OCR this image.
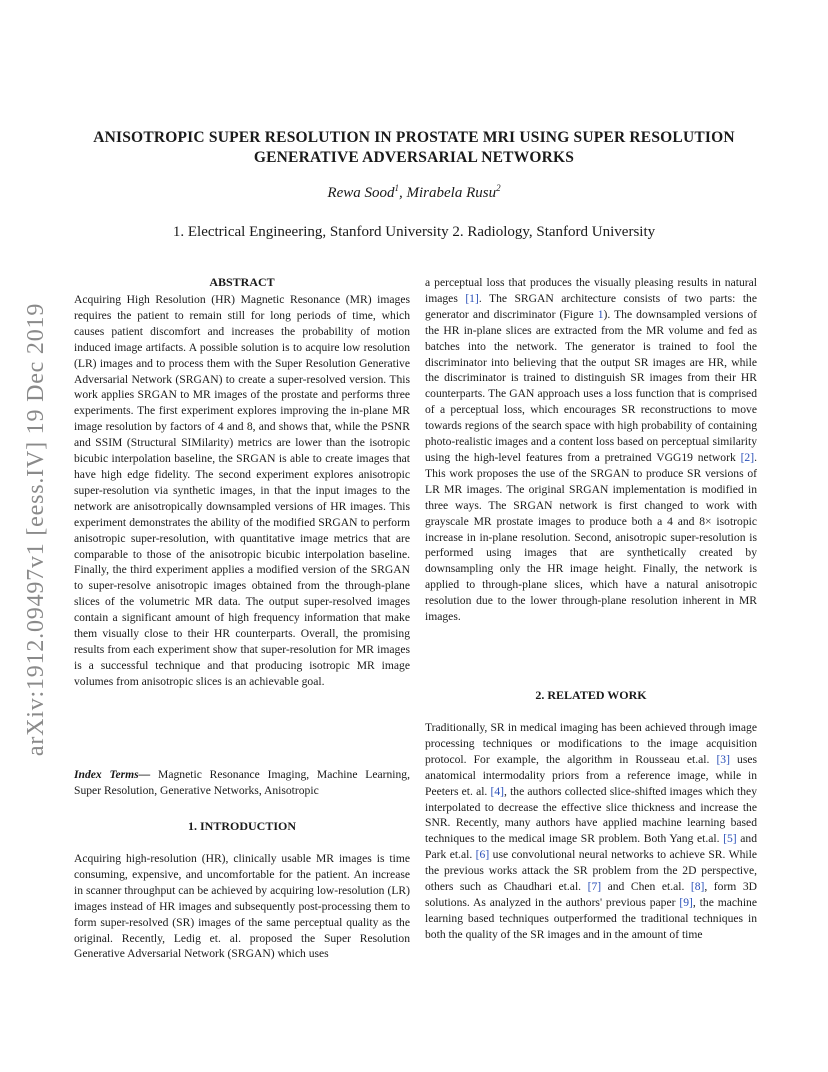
arXiv:1912.09497v1 [eess.IV] 19 Dec 2019
ANISOTROPIC SUPER RESOLUTION IN PROSTATE MRI USING SUPER RESOLUTION
GENERATIVE ADVERSARIAL NETWORKS
Rewa Sood$^1$, Mirabela Rusu$^2$
1. Electrical Engineering, Stanford University 2. Radiology, Stanford University
ABSTRACT
Acquiring High Resolution (HR) Magnetic Resonance (MR) images requires the patient to remain still for long periods of time, which causes patient discomfort and increases the probability of motion induced image artifacts. A possible solution is to acquire low resolution (LR) images and to process them with the Super Resolution Generative Adversarial Network (SRGAN) to create a super-resolved version. This work applies SRGAN to MR images of the prostate and performs three experiments. The first experiment explores improving the in-plane MR image resolution by factors of 4 and 8, and shows that, while the PSNR and SSIM (Structural SIMilarity) metrics are lower than the isotropic bicubic interpolation baseline, the SRGAN is able to create images that have high edge fidelity. The second experiment explores anisotropic super-resolution via synthetic images, in that the input images to the network are anisotropically downsampled versions of HR images. This experiment demonstrates the ability of the modified SRGAN to perform anisotropic super-resolution, with quantitative image metrics that are comparable to those of the anisotropic bicubic interpolation baseline. Finally, the third experiment applies a modified version of the SRGAN to super-resolve anisotropic images obtained from the through-plane slices of the volumetric MR data. The output super-resolved images contain a significant amount of high frequency information that make them visually close to their HR counterparts. Overall, the promising results from each experiment show that super-resolution for MR images is a successful technique and that producing isotropic MR image volumes from anisotropic slices is an achievable goal.
Index Terms— Magnetic Resonance Imaging, Machine Learning, Super Resolution, Generative Networks, Anisotropic
1. INTRODUCTION
Acquiring high-resolution (HR), clinically usable MR images is time consuming, expensive, and uncomfortable for the patient. An increase in scanner throughput can be achieved by acquiring low-resolution (LR) images instead of HR images and subsequently post-processing them to form super-resolved (SR) images of the same perceptual quality as the original. Recently, Ledig et. al. proposed the Super Resolution Generative Adversarial Network (SRGAN) which uses
a perceptual loss that produces the visually pleasing results in natural images [1]. The SRGAN architecture consists of two parts: the generator and discriminator (Figure 1). The downsampled versions of the HR in-plane slices are extracted from the MR volume and fed as batches into the network. The generator is trained to fool the discriminator into believing that the output SR images are HR, while the discriminator is trained to distinguish SR images from their HR counterparts. The GAN approach uses a loss function that is comprised of a perceptual loss, which encourages SR reconstructions to move towards regions of the search space with high probability of containing photo-realistic images and a content loss based on perceptual similarity using the high-level features from a pretrained VGG19 network [2]. This work proposes the use of the SRGAN to produce SR versions of LR MR images. The original SRGAN implementation is modified in three ways. The SRGAN network is first changed to work with grayscale MR prostate images to produce both a 4 and 8× isotropic increase in in-plane resolution. Second, anisotropic super-resolution is performed using images that are synthetically created by downsampling only the HR image height. Finally, the network is applied to through-plane slices, which have a natural anisotropic resolution due to the lower through-plane resolution inherent in MR images.
2. RELATED WORK
Traditionally, SR in medical imaging has been achieved through image processing techniques or modifications to the image acquisition protocol. For example, the algorithm in Rousseau et.al. [3] uses anatomical intermodality priors from a reference image, while in Peeters et. al. [4], the authors collected slice-shifted images which they interpolated to decrease the effective slice thickness and increase the SNR. Recently, many authors have applied machine learning based techniques to the medical image SR problem. Both Yang et.al. [5] and Park et.al. [6] use convolutional neural networks to achieve SR. While the previous works attack the SR problem from the 2D perspective, others such as Chaudhari et.al. [7] and Chen et.al. [8], form 3D solutions. As analyzed in the authors' previous paper [9], the machine learning based techniques outperformed the traditional techniques in both the quality of the SR images and in the amount of time
